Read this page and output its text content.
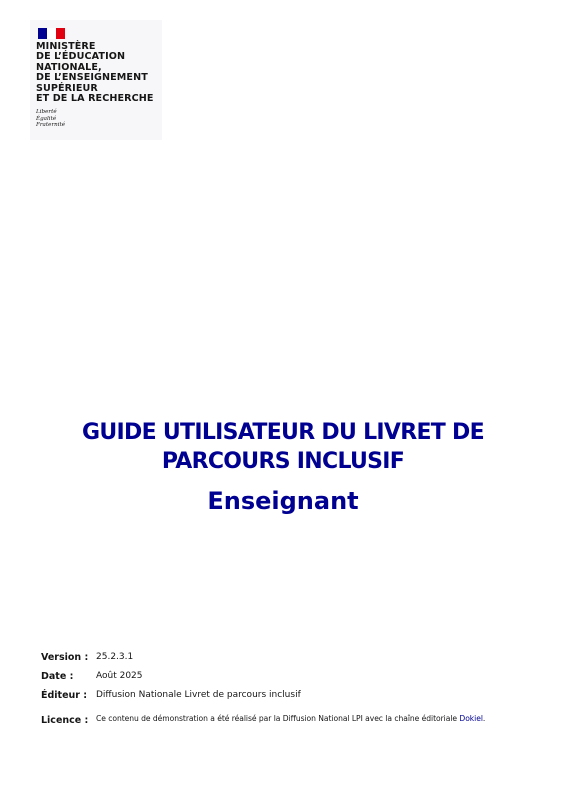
MINISTÈRE
DE L’ÉDUCATION
NATIONALE,
DE L’ENSEIGNEMENT
SUPÉRIEUR
ET DE LA RECHERCHE
Liberté
Égalité
Fraternité
GUIDE UTILISATEUR DU LIVRET DE
PARCOURS INCLUSIF
Enseignant
Version : 25.2.3.1
Date :	Août 2025
Éditeur : Diffusion Nationale Livret de parcours inclusif
Licence : Ce contenu de démonstration a été réalisé par la Diffusion National LPI avec la chaîne éditoriale Dokiel.
